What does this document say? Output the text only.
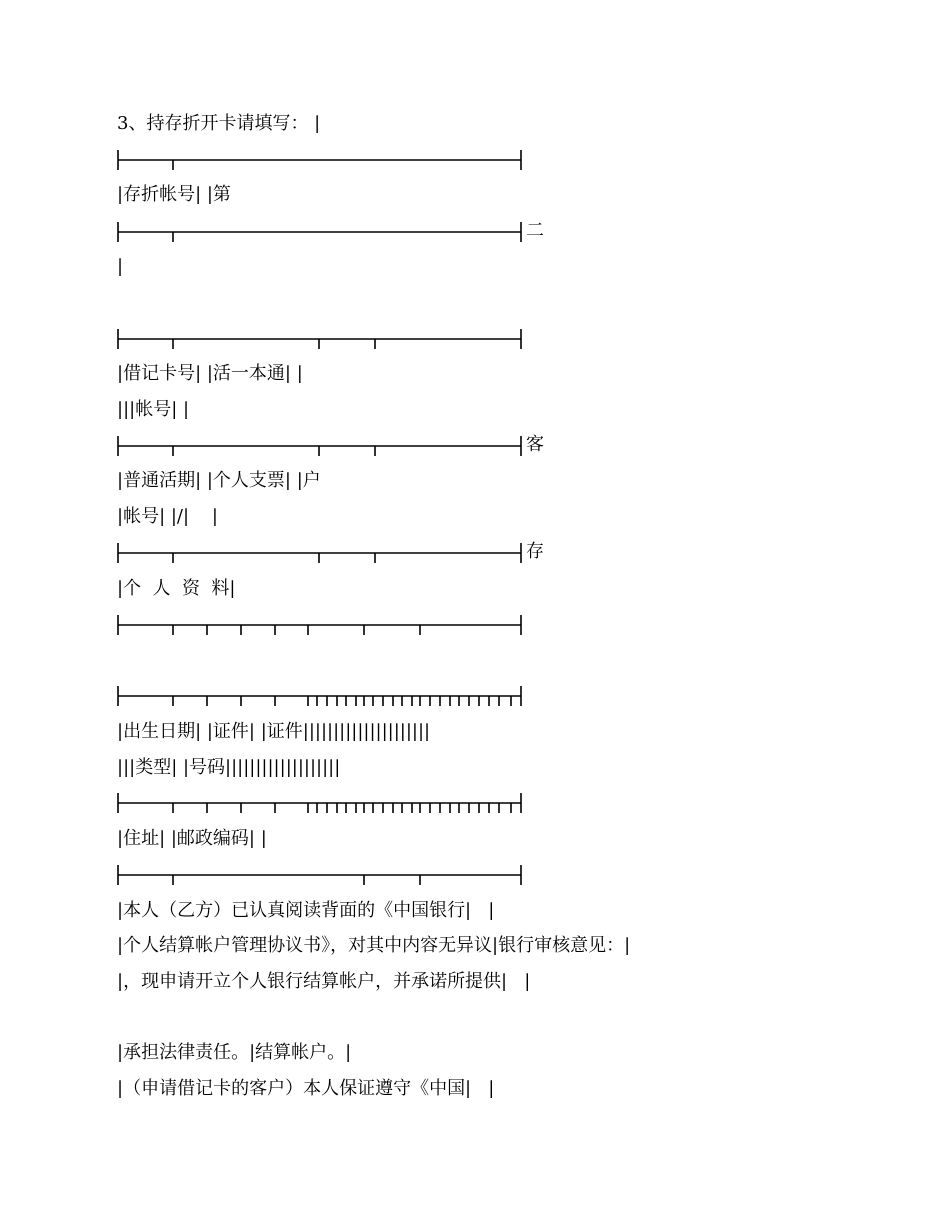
3、持存折开卡请填写： |

|存折帐号| |第

二

|

|借记卡号| |活一本通| |

|||帐号| |

客

|普通活期| |个人支票| |户

|帐号| |/|    |

存

|个  人  资  料|

|出生日期| |证件| |证件|||||||||||||||||||||

|||类型| |号码|||||||||||||||||||

|住址| |邮政编码| |

|本人（乙方）已认真阅读背面的《中国银行|   |

|个人结算帐户管理协议书》，对其中内容无异议|银行审核意见：|

|，现申请开立个人银行结算帐户，并承诺所提供|   |

|承担法律责任。|结算帐户。|

|（申请借记卡的客户）本人保证遵守《中国|   |
